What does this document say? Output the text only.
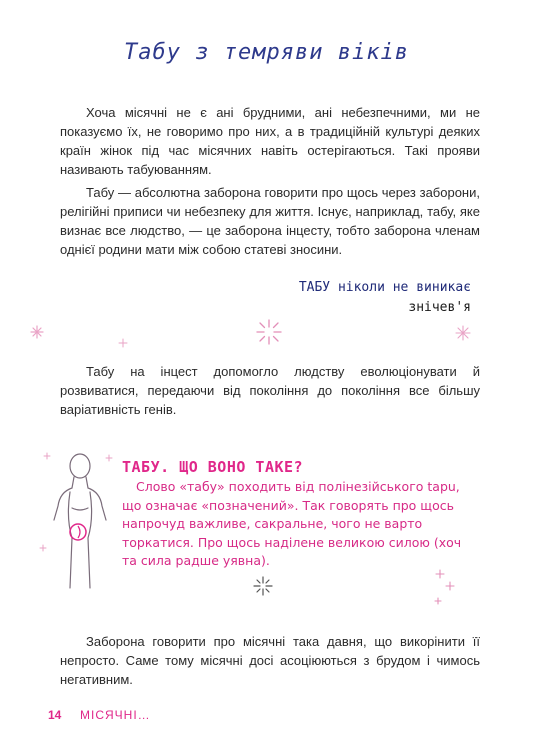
Табу з темряви віків

Хоча місячні не є ані брудними, ані небезпечними, ми не показуємо їх, не говоримо про них, а в традиційній культурі деяких країн жінок під час місячних навіть остерігаються. Такі прояви називають табуюванням.

Табу — абсолютна заборона говорити про щось через заборони, релігійні приписи чи небезпеку для життя. Існує, наприклад, табу, яке визнає все людство, — це заборона інцесту, тобто заборона членам однієї родини мати між собою статеві зносини.

ТАБУ ніколи не виникає
знічев'я

Табу на інцест допомогло людству еволюціонувати й розвиватися, передаючи від покоління до покоління все більшу варіативність генів.

ТАБУ. ЩО ВОНО ТАКЕ?

Слово «табу» походить від полінезійського tapu, що означає «позначений». Так говорять про щось напрочуд важливе, сакральне, чого не варто торкатися. Про щось наділене великою силою (хоч та сила радше уявна).

Заборона говорити про місячні така давня, що викорінити її непросто. Саме тому місячні досі асоціюються з брудом і чимось негативним.

14 МІСЯЧНІ…
